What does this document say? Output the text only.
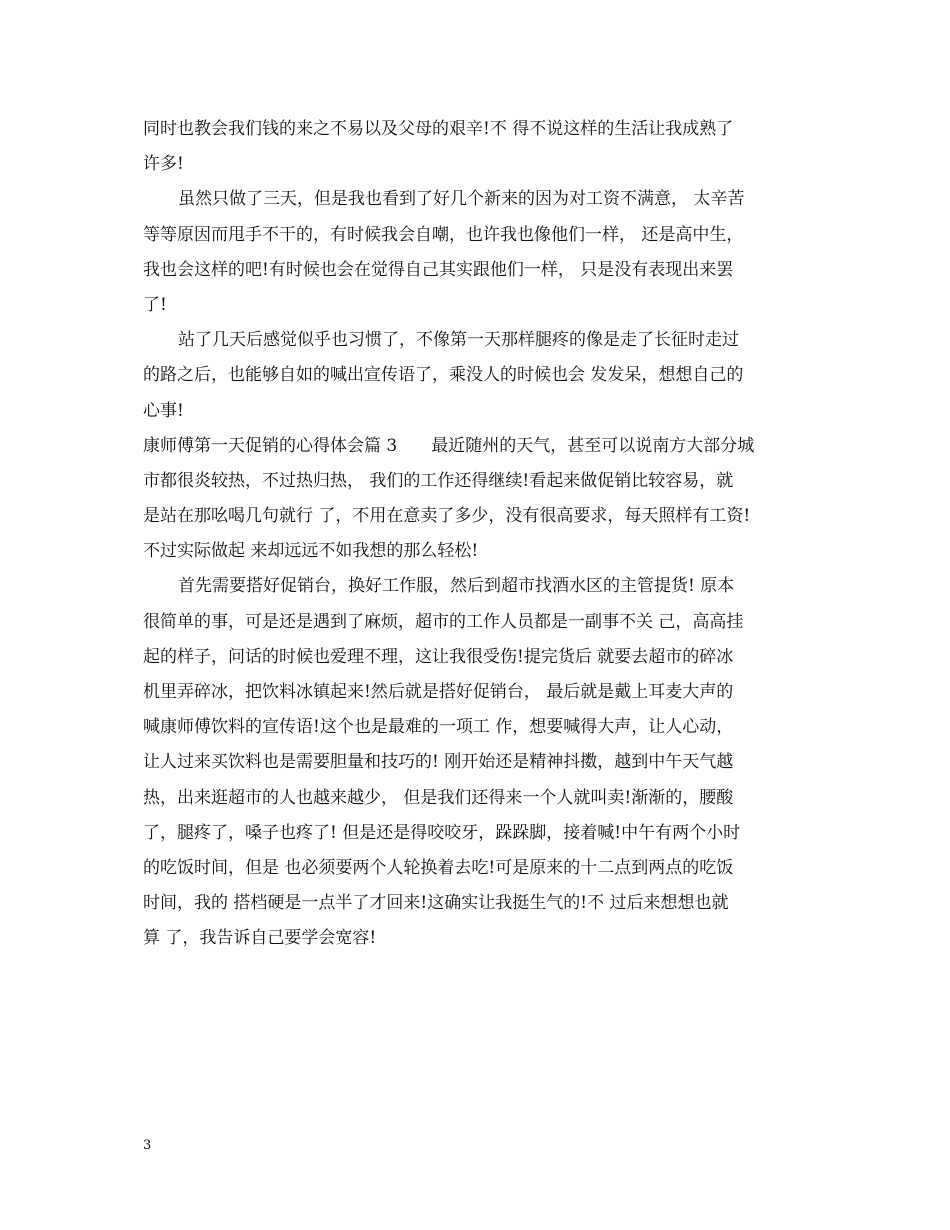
同时也教会我们钱的来之不易以及父母的艰辛!不 得不说这样的生活让我成熟了
许多!
虽然只做了三天，但是我也看到了好几个新来的因为对工资不满意， 太辛苦
等等原因而甩手不干的，有时候我会自嘲，也许我也像他们一样， 还是高中生，
我也会这样的吧!有时候也会在觉得自己其实跟他们一样， 只是没有表现出来罢
了!
站了几天后感觉似乎也习惯了，不像第一天那样腿疼的像是走了长征时走过
的路之后，也能够自如的喊出宣传语了，乘没人的时候也会 发发呆，想想自己的
心事!
康师傅第一天促销的心得体会篇 3　　最近随州的天气，甚至可以说南方大部分城
市都很炎较热，不过热归热， 我们的工作还得继续!看起来做促销比较容易，就
是站在那吆喝几句就行 了，不用在意卖了多少，没有很高要求，每天照样有工资!
不过实际做起 来却远远不如我想的那么轻松!
首先需要搭好促销台，换好工作服，然后到超市找酒水区的主管提货! 原本
很简单的事，可是还是遇到了麻烦，超市的工作人员都是一副事不关 己，高高挂
起的样子，问话的时候也爱理不理，这让我很受伤!提完货后 就要去超市的碎冰
机里弄碎冰，把饮料冰镇起来!然后就是搭好促销台， 最后就是戴上耳麦大声的
喊康师傅饮料的宣传语!这个也是最难的一项工 作，想要喊得大声，让人心动，
让人过来买饮料也是需要胆量和技巧的! 刚开始还是精神抖擞，越到中午天气越
热，出来逛超市的人也越来越少， 但是我们还得来一个人就叫卖!渐渐的，腰酸
了，腿疼了，嗓子也疼了! 但是还是得咬咬牙，跺跺脚，接着喊!中午有两个小时
的吃饭时间，但是 也必须要两个人轮换着去吃!可是原来的十二点到两点的吃饭
时间，我的 搭档硬是一点半了才回来!这确实让我挺生气的!不 过后来想想也就
算 了，我告诉自己要学会宽容!
3
